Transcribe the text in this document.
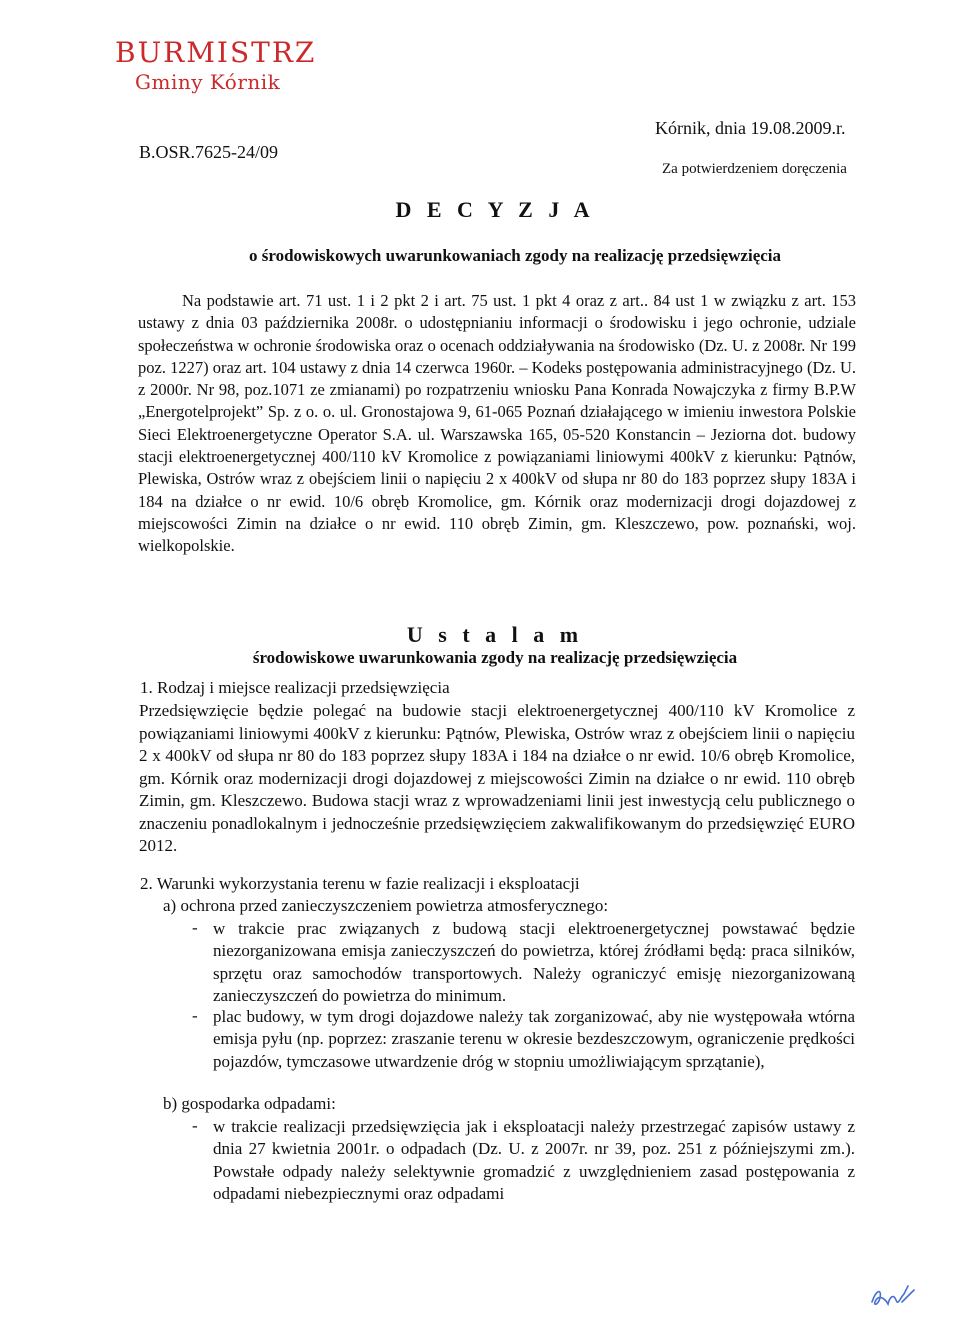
BURMISTRZ
Gminy Kórnik
Kórnik, dnia 19.08.2009.r.
B.OSR.7625-24/09
Za potwierdzeniem doręczenia
D E C Y Z J A
o środowiskowych uwarunkowaniach zgody na realizację przedsięwzięcia

Na podstawie art. 71 ust. 1 i 2 pkt 2 i art. 75 ust. 1 pkt 4 oraz z art.. 84 ust 1 w związku z art. 153 ustawy z dnia 03 października 2008r. o udostępnianiu informacji o środowisku i jego ochronie, udziale społeczeństwa w ochronie środowiska oraz o ocenach oddziaływania na środowisko (Dz. U. z 2008r. Nr 199 poz. 1227) oraz art. 104 ustawy z dnia 14 czerwca 1960r. – Kodeks postępowania administracyjnego (Dz. U. z 2000r. Nr 98, poz.1071 ze zmianami) po rozpatrzeniu wniosku Pana Konrada Nowajczyka z firmy B.P.W „Energotelprojekt” Sp. z o. o. ul. Gronostajowa 9, 61-065 Poznań działającego w imieniu inwestora Polskie Sieci Elektroenergetyczne Operator S.A. ul. Warszawska 165, 05-520 Konstancin – Jeziorna dot. budowy stacji elektroenergetycznej 400/110 kV Kromolice z powiązaniami liniowymi 400kV z kierunku: Pątnów, Plewiska, Ostrów wraz z obejściem linii o napięciu 2 x 400kV od słupa nr 80 do 183 poprzez słupy 183A i 184 na działce o nr ewid. 10/6 obręb Kromolice, gm. Kórnik oraz modernizacji drogi dojazdowej z miejscowości Zimin na działce o nr ewid. 110 obręb Zimin, gm. Kleszczewo, pow. poznański, woj. wielkopolskie.

U s t a l a m
środowiskowe uwarunkowania zgody na realizację przedsięwzięcia
1. Rodzaj i miejsce realizacji przedsięwzięcia

Przedsięwzięcie będzie polegać na budowie stacji elektroenergetycznej 400/110 kV Kromolice z powiązaniami liniowymi 400kV z kierunku: Pątnów, Plewiska, Ostrów wraz z obejściem linii o napięciu 2 x 400kV od słupa nr 80 do 183 poprzez słupy 183A i 184 na działce o nr ewid. 10/6 obręb Kromolice, gm. Kórnik oraz modernizacji drogi dojazdowej z miejscowości Zimin na działce o nr ewid. 110 obręb Zimin, gm. Kleszczewo. Budowa stacji wraz z wprowadzeniami linii jest inwestycją celu publicznego o znaczeniu ponadlokalnym i jednocześnie przedsięwzięciem zakwalifikowanym do przedsięwzięć EURO 2012.

2. Warunki wykorzystania terenu w fazie realizacji i eksploatacji
a) ochrona przed zanieczyszczeniem powietrza atmosferycznego:
- w trakcie prac związanych z budową stacji elektroenergetycznej powstawać będzie niezorganizowana emisja zanieczyszczeń do powietrza, której źródłami będą: praca silników, sprzętu oraz samochodów transportowych. Należy ograniczyć emisję niezorganizowaną zanieczyszczeń do powietrza do minimum.

- plac budowy, w tym drogi dojazdowe należy tak zorganizować, aby nie występowała wtórna emisja pyłu (np. poprzez: zraszanie terenu w okresie bezdeszczowym, ograniczenie prędkości pojazdów, tymczasowe utwardzenie dróg w stopniu umożliwiającym sprzątanie),

b) gospodarka odpadami:
- w trakcie realizacji przedsięwzięcia jak i eksploatacji należy przestrzegać zapisów ustawy z dnia 27 kwietnia 2001r. o odpadach (Dz. U. z 2007r. nr 39, poz. 251 z późniejszymi zm.). Powstałe odpady należy selektywnie gromadzić z uwzględnieniem zasad postępowania z odpadami niebezpiecznymi oraz odpadami
